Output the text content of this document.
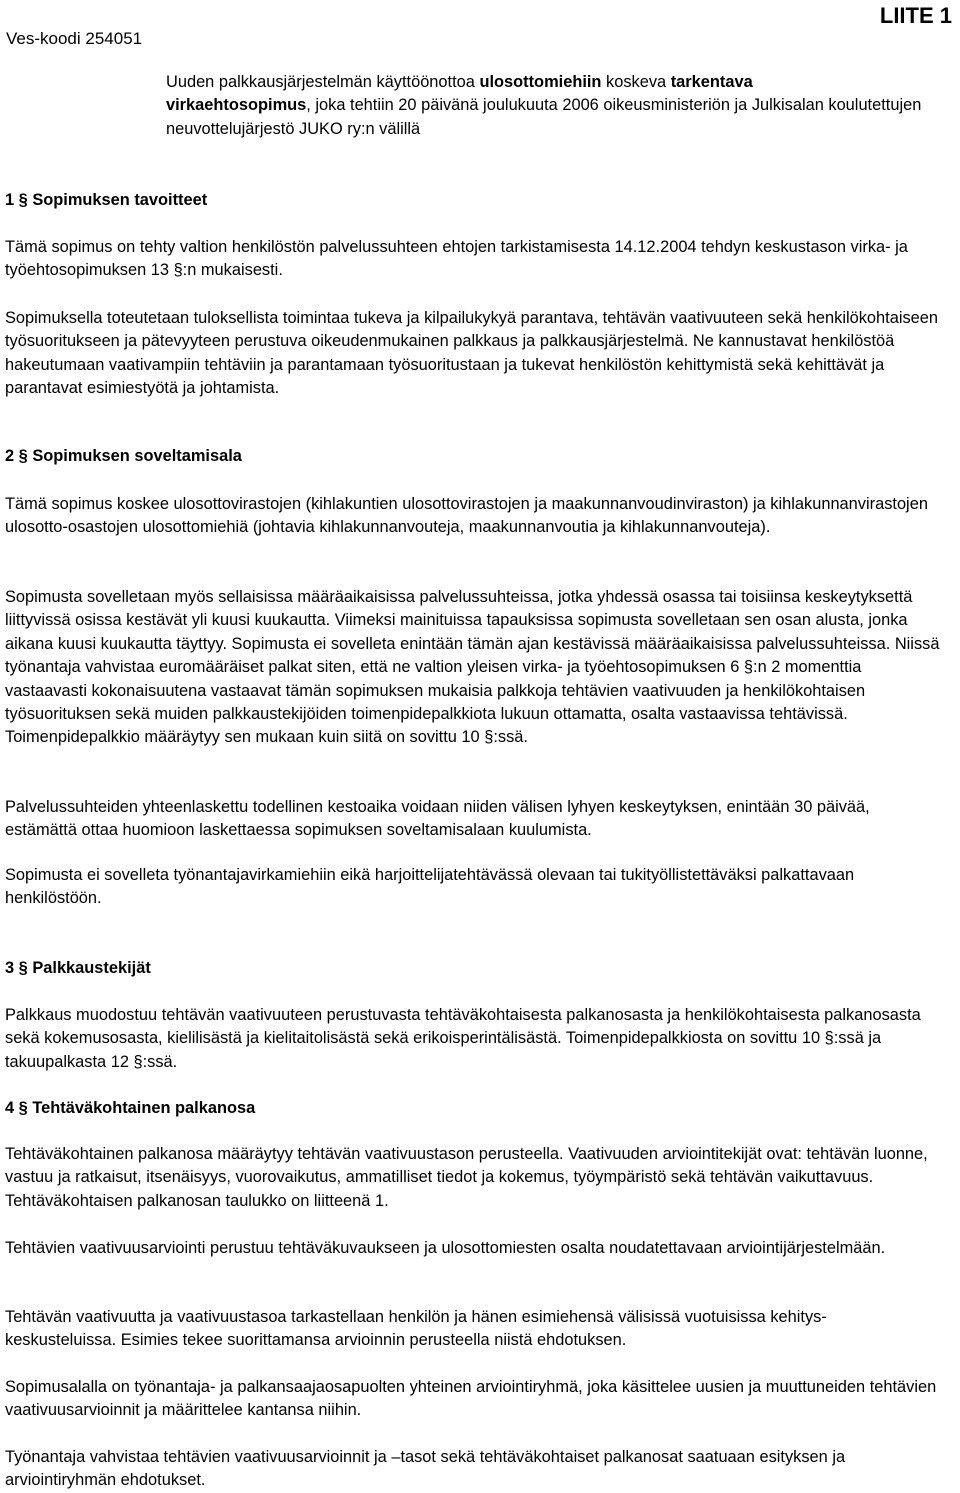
Ves-koodi 254051
LIITE 1
Uuden palkkausjärjestelmän käyttöönottoa ulosottomiehiin koskeva tarkentava
virkaehtosopimus, joka tehtiin 20 päivänä joulukuuta 2006 oikeusministeriön ja Julkisalan koulutettujen neuvottelujärjestö JUKO ry:n välillä
1 § Sopimuksen tavoitteet
Tämä sopimus on tehty valtion henkilöstön palvelussuhteen ehtojen tarkistamisesta 14.12.2004 tehdyn keskustason virka- ja työehtosopimuksen 13 §:n mukaisesti.
Sopimuksella toteutetaan tuloksellista toimintaa tukeva ja kilpailukykyä parantava, tehtävän vaativuuteen sekä henkilökohtaiseen työsuoritukseen ja pätevyyteen perustuva oikeudenmukainen palkkaus ja palkkausjärjestelmä. Ne kannustavat henkilöstöä hakeutumaan vaativampiin tehtäviin ja parantamaan työsuoritustaan ja tukevat henkilöstön kehittymistä sekä kehittävät ja parantavat esimiestyötä ja johtamista.
2 § Sopimuksen soveltamisala
Tämä sopimus koskee ulosottovirastojen (kihlakuntien ulosottovirastojen ja maakunnanvoudinviraston) ja kihlakunnanvirastojen ulosotto-osastojen ulosottomiehiä (johtavia kihlakunnanvouteja, maakunnanvoutia ja kihlakunnanvouteja).
Sopimusta sovelletaan myös sellaisissa määräaikaisissa palvelussuhteissa, jotka yhdessä osassa tai toisiinsa keskeytyksettä liittyvissä osissa kestävät yli kuusi kuukautta. Viimeksi mainituissa tapauksissa sopimusta sovelletaan sen osan alusta, jonka aikana kuusi kuukautta täyttyy. Sopimusta ei sovelleta enintään tämän ajan kestävissä määräaikaisissa palvelussuhteissa. Niissä työnantaja vahvistaa euromääräiset palkat siten, että ne valtion yleisen virka- ja työehtosopimuksen 6 §:n 2 momenttia vastaavasti kokonaisuutena vastaavat tämän sopimuksen mukaisia palkkoja tehtävien vaativuuden ja henkilökohtaisen työsuorituksen sekä muiden palkkaustekijöiden toimenpidepalkkiota lukuun ottamatta, osalta vastaavissa tehtävissä. Toimenpidepalkkio määräytyy sen mukaan kuin siitä on sovittu 10 §:ssä.
Palvelussuhteiden yhteenlaskettu todellinen kestoaika voidaan niiden välisen lyhyen keskeytyksen, enintään 30 päivää, estämättä ottaa huomioon laskettaessa sopimuksen soveltamisalaan kuulumista.
Sopimusta ei sovelleta työnantajavirkamiehiin eikä harjoittelijatehtävässä olevaan tai tukityöllistettäväksi palkattavaan henkilöstöön.
3 § Palkkaustekijät
Palkkaus muodostuu tehtävän vaativuuteen perustuvasta tehtäväkohtaisesta palkanosasta ja henkilökohtaisesta palkanosasta sekä kokemusosasta, kielilisästä ja kielitaitolisästä sekä erikoisperintälisästä. Toimenpidepalkkiosta on sovittu 10 §:ssä ja takuupalkasta 12 §:ssä.
4 § Tehtäväkohtainen palkanosa
Tehtäväkohtainen palkanosa määräytyy tehtävän vaativuustason perusteella. Vaativuuden arviointitekijät ovat: tehtävän luonne, vastuu ja ratkaisut, itsenäisyys, vuorovaikutus, ammatilliset tiedot ja kokemus, työympäristö sekä tehtävän vaikuttavuus. Tehtäväkohtaisen palkanosan taulukko on liitteenä 1.
Tehtävien vaativuusarviointi perustuu tehtäväkuvaukseen ja ulosottomiesten osalta noudatettavaan arviointijärjestelmään.
Tehtävän vaativuutta ja vaativuustasoa tarkastellaan henkilön ja hänen esimiehensä välisissä vuotuisissa kehitys- keskusteluissa. Esimies tekee suorittamansa arvioinnin perusteella niistä ehdotuksen.
Sopimusalalla on työnantaja- ja palkansaajaosapuolten yhteinen arviointiryhmä, joka käsittelee uusien ja muuttuneiden tehtävien vaativuusarvioinnit ja määrittelee kantansa niihin.
Työnantaja vahvistaa tehtävien vaativuusarvioinnit ja –tasot sekä tehtäväkohtaiset palkanosat saatuaan esityksen ja arviointiryhmän ehdotukset.
